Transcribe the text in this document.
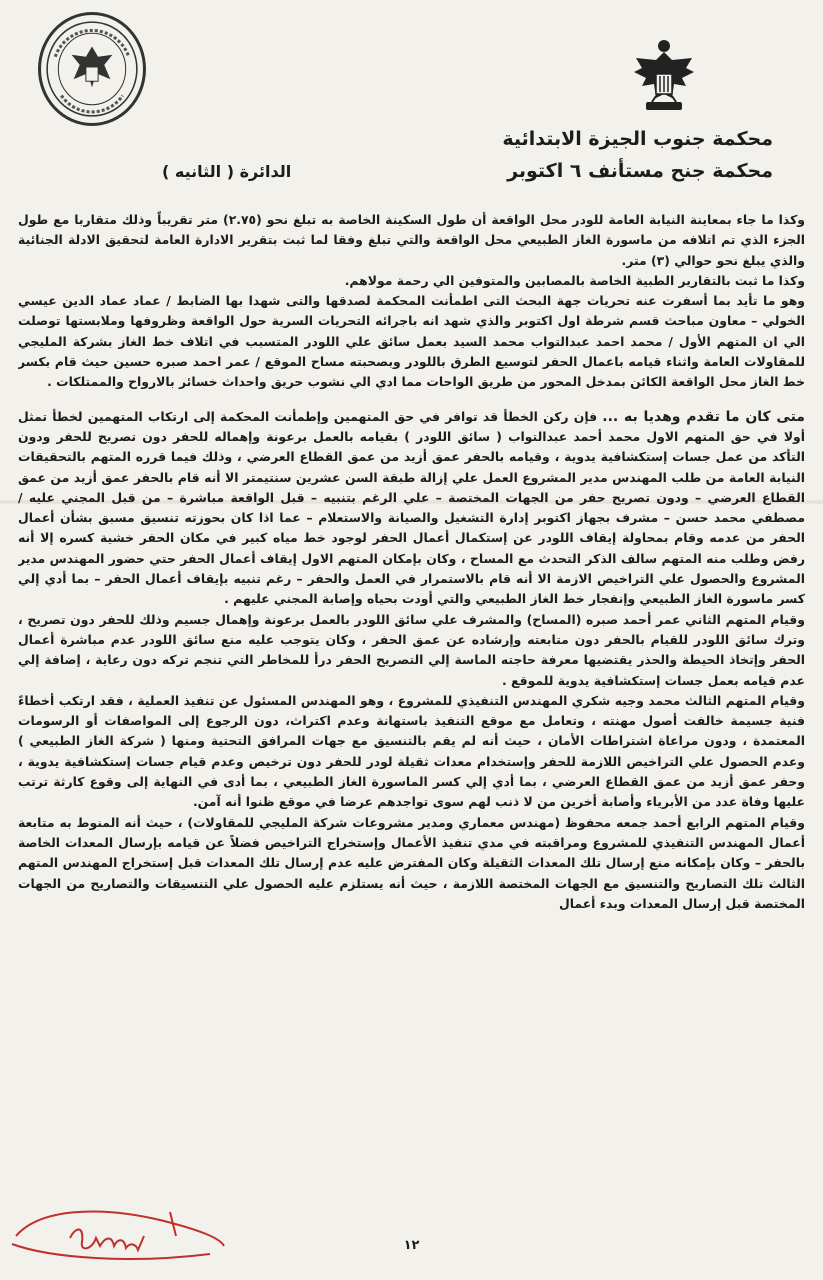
محكمة جنوب الجيزة الابتدائية
محكمة جنح مستأنف ٦ اكتوبر
الدائرة ( الثانيه )

وكذا ما جاء بمعاينة النيابة العامة للودر محل الواقعة أن طول السكينة الخاصة به تبلغ نحو (٢.٧٥) متر تقريباً وذلك متقاربا مع طول الجزء الذي تم اتلافه من ماسورة الغاز الطبيعي محل الواقعة والتي تبلغ وفقا لما ثبت بتقرير الادارة العامة لتحقيق الادلة الجنائية والذي يبلغ نحو حوالي (٣) متر.

وكذا ما ثبت بالتقارير الطبية الخاصة بالمصابين والمتوفين الي رحمة مولاهم.

وهو ما تأيد بما أسفرت عنه تحريات جهة البحث التى اطمأنت المحكمة لصدقها والتى شهدا بها الضابط / عماد عماد الدين عيسي الخولي – معاون مباحث قسم شرطة اول اكتوبر والذي شهد انه باجرائه التحريات السرية حول الواقعة وظروفها وملابستها توصلت الي ان المتهم الأول / محمد احمد عبدالتواب محمد السيد بعمل سائق علي اللودر المتسبب في اتلاف خط الغاز بشركة المليجي للمقاولات العامة واثناء قيامه باعمال الحفر لتوسيع الطرق باللودر وبصحبته مساح الموقع / عمر احمد صبره حسين حيث قام بكسر خط الغاز محل الواقعة الكائن بمدخل المحور من طريق الواحات مما ادي الي نشوب حريق واحداث خسائر بالارواح والممتلكات .

متى كان ما تقدم وهديا به ... فإن ركن الخطأ قد توافر في حق المتهمين وإطمأنت المحكمة إلى ارتكاب المتهمين لخطأ تمثل أولا في حق المتهم الاول محمد أحمد عبدالتواب ( سائق اللودر ) بقيامه بالعمل برعونة وإهماله للحفر دون تصريح للحفر ودون التأكد من عمل جسات إستكشافية يدوية ، وقيامه بالحفر عمق أزيد من عمق القطاع العرضي ، وذلك فيما قرره المتهم بالتحقيقات النيابة العامة من طلب المهندس مدير المشروع العمل علي إزالة طبقة السن عشرين سنتيمتر الا أنه قام بالحفر عمق أزيد من عمق القطاع العرضي – ودون تصريح حفر من الجهات المختصة – علي الرغم بتنبيه – قبل الواقعة مباشرة – من قبل المجني عليه / مصطفي محمد حسن – مشرف بجهاز اكتوبر إدارة التشغيل والصيانة والاستعلام – عما اذا كان بحوزته تنسيق مسبق بشأن أعمال الحفر من عدمه وقام بمحاولة إيقاف اللودر عن إستكمال أعمال الحفر لوجود خط مياه كبير في مكان الحفر خشية كسره إلا أنه رفض وطلب منه المتهم سالف الذكر التحدث مع المساح ، وكان بإمكان المتهم الاول إيقاف أعمال الحفر حتي حضور المهندس مدير المشروع والحصول علي التراخيص الازمة الا أنه قام بالاستمرار في العمل والحفر – رغم تنبيه بإيقاف أعمال الحفر – بما أدي إلي كسر ماسورة الغاز الطبيعي وإنفجار خط الغاز الطبيعي والتي أودت بحياه وإصابة المجني عليهم .

وقيام المتهم الثاني عمر أحمد صبره (المساح) والمشرف علي سائق اللودر بالعمل برعونة وإهمال جسيم وذلك للحفر دون تصريح ، وترك سائق اللودر للقيام بالحفر دون متابعته وإرشاده عن عمق الحفر ، وكان يتوجب عليه منع سائق اللودر عدم مباشرة أعمال الحفر وإتخاذ الحيطة والحذر يقتضيها معرفة حاجته الماسة إلي التصريح الحفر درأ للمخاطر التي تنجم تركه دون رعاية ، إضافة إلي عدم قيامه بعمل جسات إستكشافية يدوية للموقع .

وقيام المتهم الثالث محمد وجيه شكري المهندس التنفيذي للمشروع ، وهو المهندس المسئول عن تنفيذ العملية ، فقد ارتكب أخطاءً فنية جسيمة خالفت أصول مهنته ، وتعامل مع موقع التنفيذ باستهانة وعدم اكتراث، دون الرجوع إلى المواصفات أو الرسومات المعتمدة ، ودون مراعاة اشتراطات الأمان ، حيث أنه لم يقم بالتنسيق مع جهات المرافق التحتية ومنها ( شركة الغاز الطبيعي ) وعدم الحصول علي التراخيص اللازمة للحفر وإستخدام معدات ثقيلة لودر للحفر دون ترخيص وعدم قيام جسات إستكشافية يدوية ، وحفر عمق أزيد من عمق القطاع العرضي ، بما أدي إلي كسر الماسورة الغاز الطبيعي ، بما أدى في النهاية إلى وقوع كارثة ترتب عليها وفاة عدد من الأبرياء وأصابة أخرين من لا ذنب لهم سوى تواجدهم عرضا في موقع ظنوا أنه آمن.

وقيام المتهم الرابع أحمد جمعه محفوظ (مهندس معماري ومدير مشروعات شركة المليجي للمقاولات) ، حيث أنه المنوط به متابعة أعمال المهندس التنفيذي للمشروع ومراقبته في مدي تنفيذ الأعمال وإستخراج التراخيص فضلاً عن قيامه بإرسال المعدات الخاصة بالحفر – وكان بإمكانه منع إرسال تلك المعدات الثقيلة وكان المفترض عليه عدم إرسال تلك المعدات قبل إستخراج المهندس المتهم الثالث تلك التصاريح والتنسيق مع الجهات المختصة اللازمة ، حيث أنه يستلزم عليه الحصول علي التنسيقات والتصاريح من الجهات المختصة قبل إرسال المعدات وبدء أعمال

١٢
